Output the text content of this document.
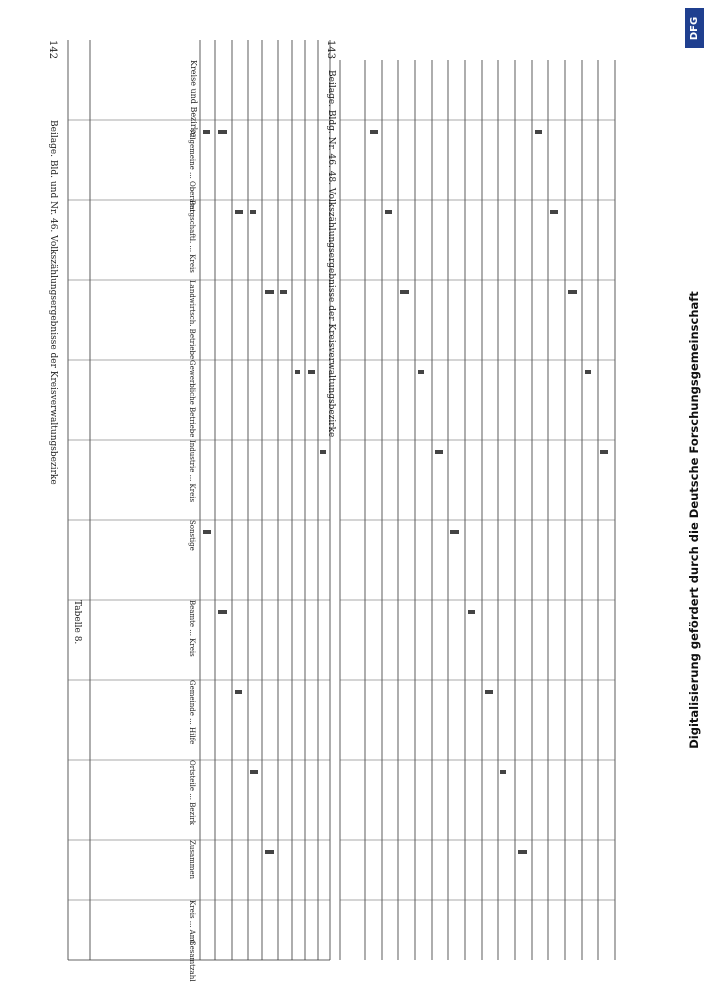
142
Beilage. Bld. und Nr. 46. Volkszählungsergebnisse der Kreisverwaltungsbezirke	Beilage. Bldg. Nr. 46. 48. Volkszählungsergebnisse der Kreisverwaltungsbezirke
143
Tabelle 8.
Kreise und Bezirke
Allgemeine ... Oberamt
Bergschaftl. ... Kreis
Landwirtsch. Betriebe
Gewerbliche Betriebe
Industrie ... Kreis
Sonstige
Beamte ... Kreis
Gemeinde ... Hilfe
Ortsteile ... Bezirk
Zusammen
Kreis ... Amt
Gesamtzahl
DFG
Digitalisierung gefördert durch die Deutsche Forschungsgemeinschaft
